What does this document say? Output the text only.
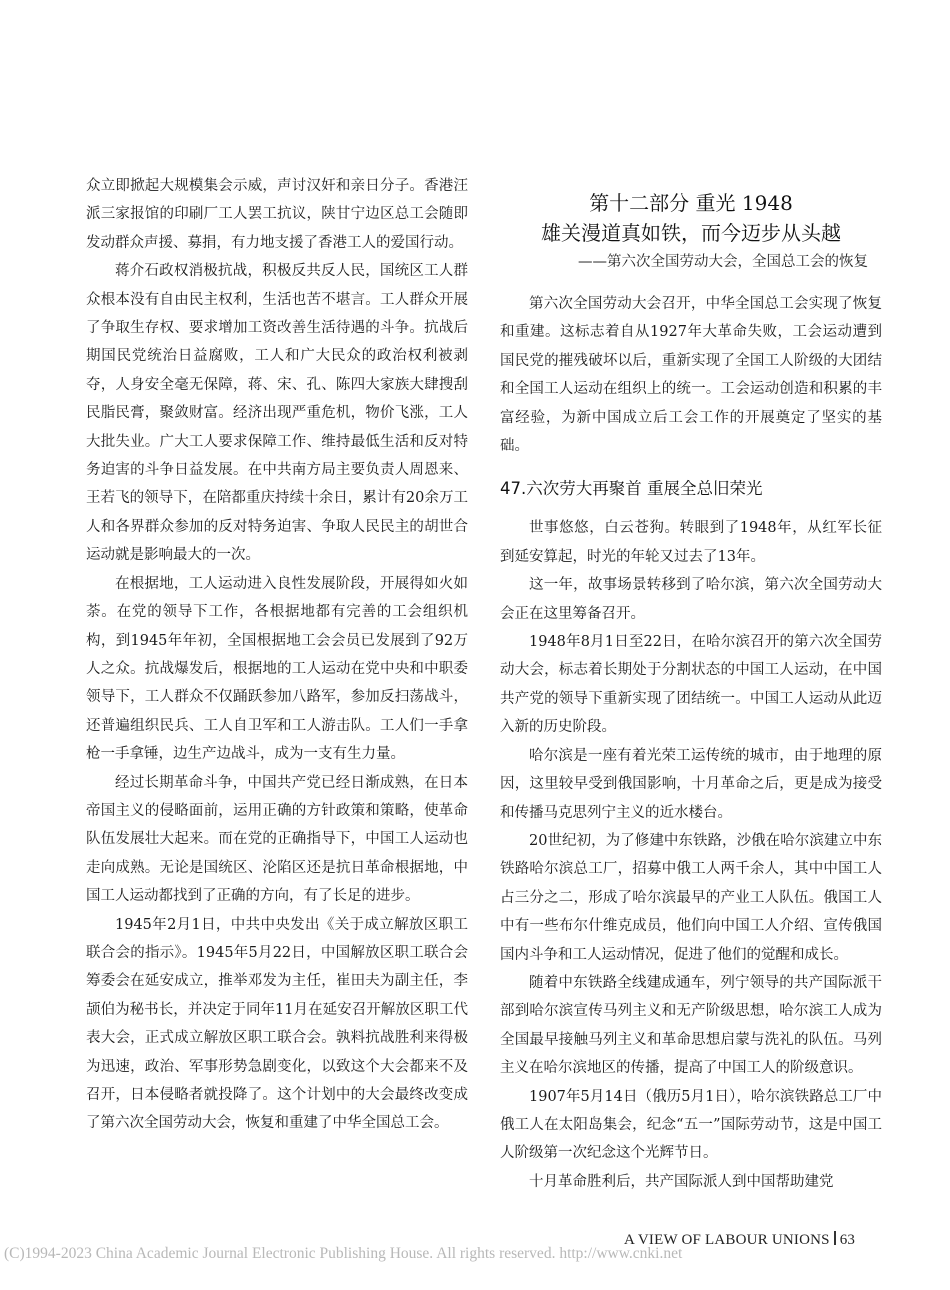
众立即掀起大规模集会示威，声讨汉奸和亲日分子。香港汪派三家报馆的印刷厂工人罢工抗议，陕甘宁边区总工会随即发动群众声援、募捐，有力地支援了香港工人的爱国行动。

蒋介石政权消极抗战，积极反共反人民，国统区工人群众根本没有自由民主权利，生活也苦不堪言。工人群众开展了争取生存权、要求增加工资改善生活待遇的斗争。抗战后期国民党统治日益腐败，工人和广大民众的政治权利被剥夺，人身安全毫无保障，蒋、宋、孔、陈四大家族大肆搜刮民脂民膏，聚敛财富。经济出现严重危机，物价飞涨，工人大批失业。广大工人要求保障工作、维持最低生活和反对特务迫害的斗争日益发展。在中共南方局主要负责人周恩来、王若飞的领导下，在陪都重庆持续十余日，累计有20余万工人和各界群众参加的反对特务迫害、争取人民民主的胡世合运动就是影响最大的一次。

在根据地，工人运动进入良性发展阶段，开展得如火如荼。在党的领导下工作，各根据地都有完善的工会组织机构，到1945年年初，全国根据地工会会员已发展到了92万人之众。抗战爆发后，根据地的工人运动在党中央和中职委领导下，工人群众不仅踊跃参加八路军，参加反扫荡战斗，还普遍组织民兵、工人自卫军和工人游击队。工人们一手拿枪一手拿锤，边生产边战斗，成为一支有生力量。

经过长期革命斗争，中国共产党已经日渐成熟，在日本帝国主义的侵略面前，运用正确的方针政策和策略，使革命队伍发展壮大起来。而在党的正确指导下，中国工人运动也走向成熟。无论是国统区、沦陷区还是抗日革命根据地，中国工人运动都找到了正确的方向，有了长足的进步。

1945年2月1日，中共中央发出《关于成立解放区职工联合会的指示》。1945年5月22日，中国解放区职工联合会筹委会在延安成立，推举邓发为主任，崔田夫为副主任，李颉伯为秘书长，并决定于同年11月在延安召开解放区职工代表大会，正式成立解放区职工联合会。孰料抗战胜利来得极为迅速，政治、军事形势急剧变化，以致这个大会都来不及召开，日本侵略者就投降了。这个计划中的大会最终改变成了第六次全国劳动大会，恢复和重建了中华全国总工会。

第十二部分 重光 1948
雄关漫道真如铁，而今迈步从头越
——第六次全国劳动大会，全国总工会的恢复

第六次全国劳动大会召开，中华全国总工会实现了恢复和重建。这标志着自从1927年大革命失败，工会运动遭到国民党的摧残破坏以后，重新实现了全国工人阶级的大团结和全国工人运动在组织上的统一。工会运动创造和积累的丰富经验，为新中国成立后工会工作的开展奠定了坚实的基础。

47.六次劳大再聚首 重展全总旧荣光

世事悠悠，白云苍狗。转眼到了1948年，从红军长征到延安算起，时光的年轮又过去了13年。

这一年，故事场景转移到了哈尔滨，第六次全国劳动大会正在这里筹备召开。

1948年8月1日至22日，在哈尔滨召开的第六次全国劳动大会，标志着长期处于分割状态的中国工人运动，在中国共产党的领导下重新实现了团结统一。中国工人运动从此迈入新的历史阶段。

哈尔滨是一座有着光荣工运传统的城市，由于地理的原因，这里较早受到俄国影响，十月革命之后，更是成为接受和传播马克思列宁主义的近水楼台。

20世纪初，为了修建中东铁路，沙俄在哈尔滨建立中东铁路哈尔滨总工厂，招募中俄工人两千余人，其中中国工人占三分之二，形成了哈尔滨最早的产业工人队伍。俄国工人中有一些布尔什维克成员，他们向中国工人介绍、宣传俄国国内斗争和工人运动情况，促进了他们的觉醒和成长。

随着中东铁路全线建成通车，列宁领导的共产国际派干部到哈尔滨宣传马列主义和无产阶级思想，哈尔滨工人成为全国最早接触马列主义和革命思想启蒙与洗礼的队伍。马列主义在哈尔滨地区的传播，提高了中国工人的阶级意识。

1907年5月14日（俄历5月1日），哈尔滨铁路总工厂中俄工人在太阳岛集会，纪念“五一”国际劳动节，这是中国工人阶级第一次纪念这个光辉节日。

十月革命胜利后，共产国际派人到中国帮助建党

A VIEW OF LABOUR UNIONS 63
(C)1994-2023 China Academic Journal Electronic Publishing House. All rights reserved. http://www.cnki.net
